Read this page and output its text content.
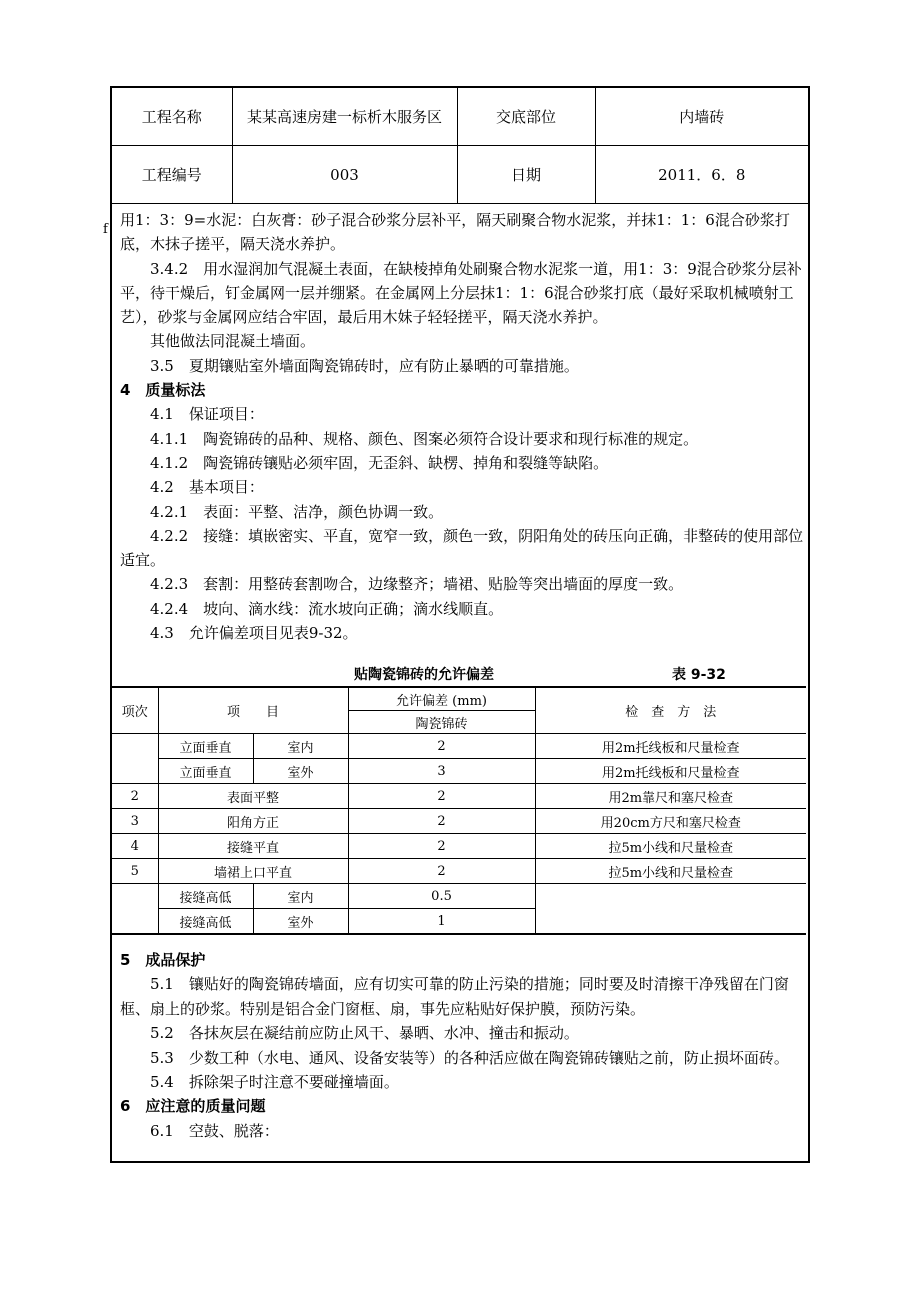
f
工程名称	某某高速房建一标析木服务区	交底部位	内墙砖
工程编号	003	日期	2011．6．8

用1：3：9=水泥：白灰膏：砂子混合砂浆分层补平，隔天刷聚合物水泥浆，并抹1：1：6混合砂浆打底，木抹子搓平，隔天浇水养护。

3.4.2　用水湿润加气混凝土表面，在缺棱掉角处刷聚合物水泥浆一道，用1：3：9混合砂浆分层补平，待干燥后，钉金属网一层并绷紧。在金属网上分层抹1：1：6混合砂浆打底（最好采取机械喷射工艺），砂浆与金属网应结合牢固，最后用木妹子轻轻搓平，隔天浇水养护。

其他做法同混凝土墙面。

3.5　夏期镶贴室外墙面陶瓷锦砖时，应有防止暴晒的可靠措施。

4　质量标法

4.1　保证项目：

4.1.1　陶瓷锦砖的品种、规格、颜色、图案必须符合设计要求和现行标准的规定。

4.1.2　陶瓷锦砖镶贴必须牢固，无歪斜、缺楞、掉角和裂缝等缺陷。

4.2　基本项目：

4.2.1　表面：平整、洁净，颜色协调一致。

4.2.2　接缝：填嵌密实、平直，宽窄一致，颜色一致，阴阳角处的砖压向正确，非整砖的使用部位适宜。

4.2.3　套割：用整砖套割吻合，边缘整齐；墙裙、贴脸等突出墙面的厚度一致。

4.2.4　坡向、滴水线：流水坡向正确；滴水线顺直。

4.3　允许偏差项目见表9-32。

贴陶瓷锦砖的允许偏差	表 9-32
项次	项　　目		允许偏差 (mm)	检　查　方　法
			陶瓷锦砖	
	立面垂直	室内	2	用2m托线板和尺量检查
	立面垂直	室外	3	用2m托线板和尺量检查
2	表面平整		2	用2m靠尺和塞尺检查
3	阳角方正		2	用20cm方尺和塞尺检查
4	接缝平直		2	拉5m小线和尺量检查
5	墙裙上口平直		2	拉5m小线和尺量检查
	接缝高低	室内	0.5	
	接缝高低	室外	1	

5　成品保护

5.1　镶贴好的陶瓷锦砖墙面，应有切实可靠的防止污染的措施；同时要及时清擦干净残留在门窗框、扇上的砂浆。特别是铝合金门窗框、扇，事先应粘贴好保护膜，预防污染。

5.2　各抹灰层在凝结前应防止风干、暴晒、水冲、撞击和振动。

5.3　少数工种（水电、通风、设备安装等）的各种活应做在陶瓷锦砖镶贴之前，防止损坏面砖。

5.4　拆除架子时注意不要碰撞墙面。

6　应注意的质量问题

6.1　空鼓、脱落：
